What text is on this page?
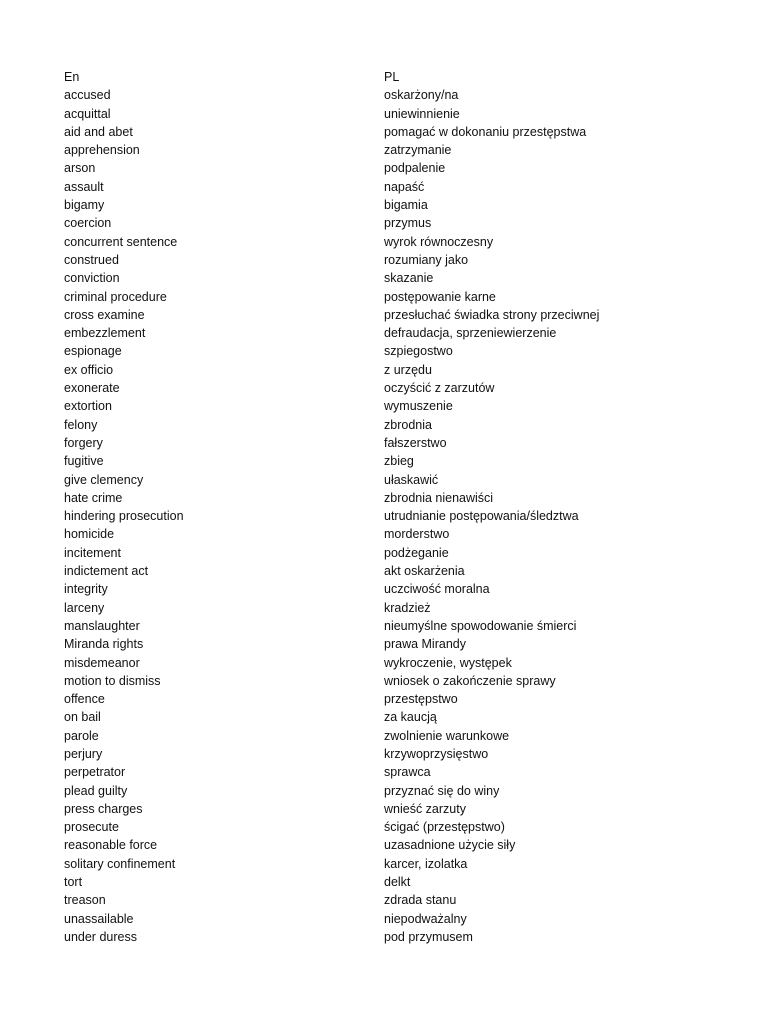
En
accused
acquittal
aid and abet
apprehension
arson
assault
bigamy
coercion
concurrent sentence
construed
conviction
criminal procedure
cross examine
embezzlement
espionage
ex officio
exonerate
extortion
felony
forgery
fugitive
give clemency
hate crime
hindering prosecution
homicide
incitement
indictement act
integrity
larceny
manslaughter
Miranda rights
misdemeanor
motion to dismiss
offence
on bail
parole
perjury
perpetrator
plead guilty
press charges
prosecute
reasonable force
solitary confinement
tort
treason
unassailable
under duress
PL
oskarżony/na
uniewinnienie
pomagać w dokonaniu przestępstwa
zatrzymanie
podpalenie
napaść
bigamia
przymus
wyrok równoczesny
rozumiany jako
skazanie
postępowanie karne
przesłuchać świadka strony przeciwnej
defraudacja, sprzeniewierzenie
szpiegostwo
z urzędu
oczyścić z zarzutów
wymuszenie
zbrodnia
fałszerstwo
zbieg
ułaskawić
zbrodnia nienawiści
utrudnianie postępowania/śledztwa
morderstwo
podżeganie
akt oskarżenia
uczciwość moralna
kradzież
nieumyślne spowodowanie śmierci
prawa Mirandy
wykroczenie, występek
wniosek o zakończenie sprawy
przestępstwo
za kaucją
zwolnienie warunkowe
krzywoprzysięstwo
sprawca
przyznać się do winy
wnieść zarzuty
ścigać (przestępstwo)
uzasadnione użycie siły
karcer, izolatka
delkt
zdrada stanu
niepodważalny
pod przymusem
